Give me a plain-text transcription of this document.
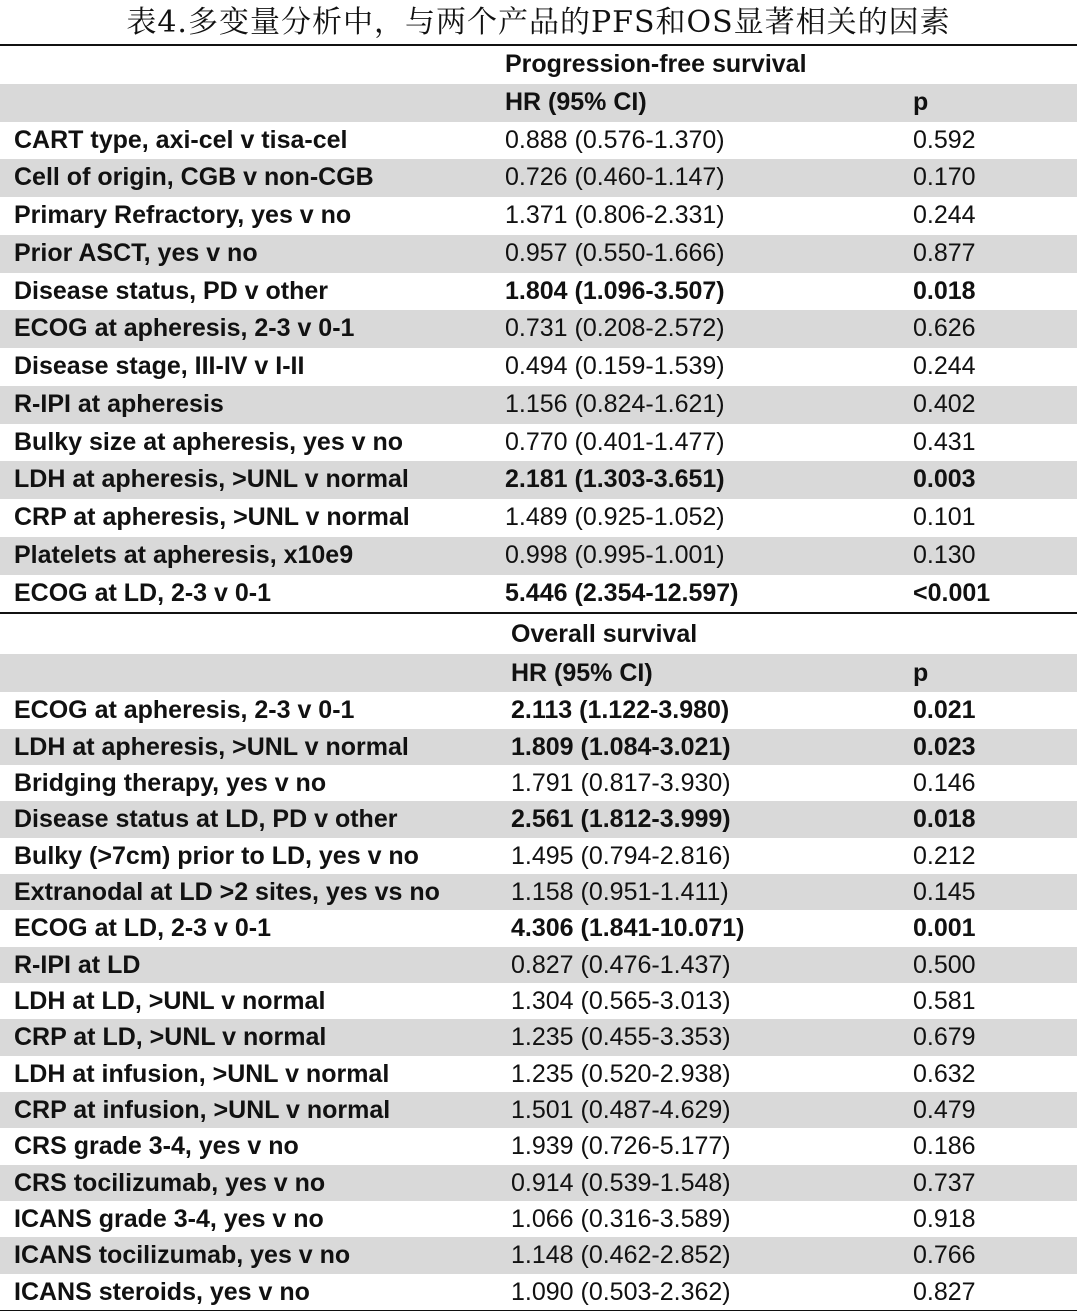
表4.多变量分析中，与两个产品的PFS和OS显著相关的因素
Progression-free survival
HR (95% CI)	p
CART type, axi-cel v tisa-cel	0.888 (0.576-1.370)	0.592
Cell of origin, CGB v non-CGB	0.726 (0.460-1.147)	0.170
Primary Refractory, yes v no	1.371 (0.806-2.331)	0.244
Prior ASCT, yes v no	0.957 (0.550-1.666)	0.877
Disease status, PD v other	1.804 (1.096-3.507)	0.018
ECOG at apheresis, 2-3 v 0-1	0.731 (0.208-2.572)	0.626
Disease stage, III-IV v I-II	0.494 (0.159-1.539)	0.244
R-IPI at apheresis	1.156 (0.824-1.621)	0.402
Bulky size at apheresis, yes v no	0.770 (0.401-1.477)	0.431
LDH at apheresis, >UNL v normal	2.181 (1.303-3.651)	0.003
CRP at apheresis, >UNL v normal	1.489 (0.925-1.052)	0.101
Platelets at apheresis, x10e9	0.998 (0.995-1.001)	0.130
ECOG at LD, 2-3 v 0-1	5.446 (2.354-12.597)	<0.001
Overall survival
HR (95% CI)	p
ECOG at apheresis, 2-3 v 0-1	2.113 (1.122-3.980)	0.021
LDH at apheresis, >UNL v normal	1.809 (1.084-3.021)	0.023
Bridging therapy, yes v no	1.791 (0.817-3.930)	0.146
Disease status at LD, PD v other	2.561 (1.812-3.999)	0.018
Bulky (>7cm) prior to LD, yes v no	1.495 (0.794-2.816)	0.212
Extranodal at LD >2 sites, yes vs no	1.158 (0.951-1.411)	0.145
ECOG at LD, 2-3 v 0-1	4.306 (1.841-10.071)	0.001
R-IPI at LD	0.827 (0.476-1.437)	0.500
LDH at LD, >UNL v normal	1.304 (0.565-3.013)	0.581
CRP at LD, >UNL v normal	1.235 (0.455-3.353)	0.679
LDH at infusion, >UNL v normal	1.235 (0.520-2.938)	0.632
CRP at infusion, >UNL v normal	1.501 (0.487-4.629)	0.479
CRS grade 3-4, yes v no	1.939 (0.726-5.177)	0.186
CRS tocilizumab, yes v no	0.914 (0.539-1.548)	0.737
ICANS grade 3-4, yes v no	1.066 (0.316-3.589)	0.918
ICANS tocilizumab, yes v no	1.148 (0.462-2.852)	0.766
ICANS steroids, yes v no	1.090 (0.503-2.362)	0.827
